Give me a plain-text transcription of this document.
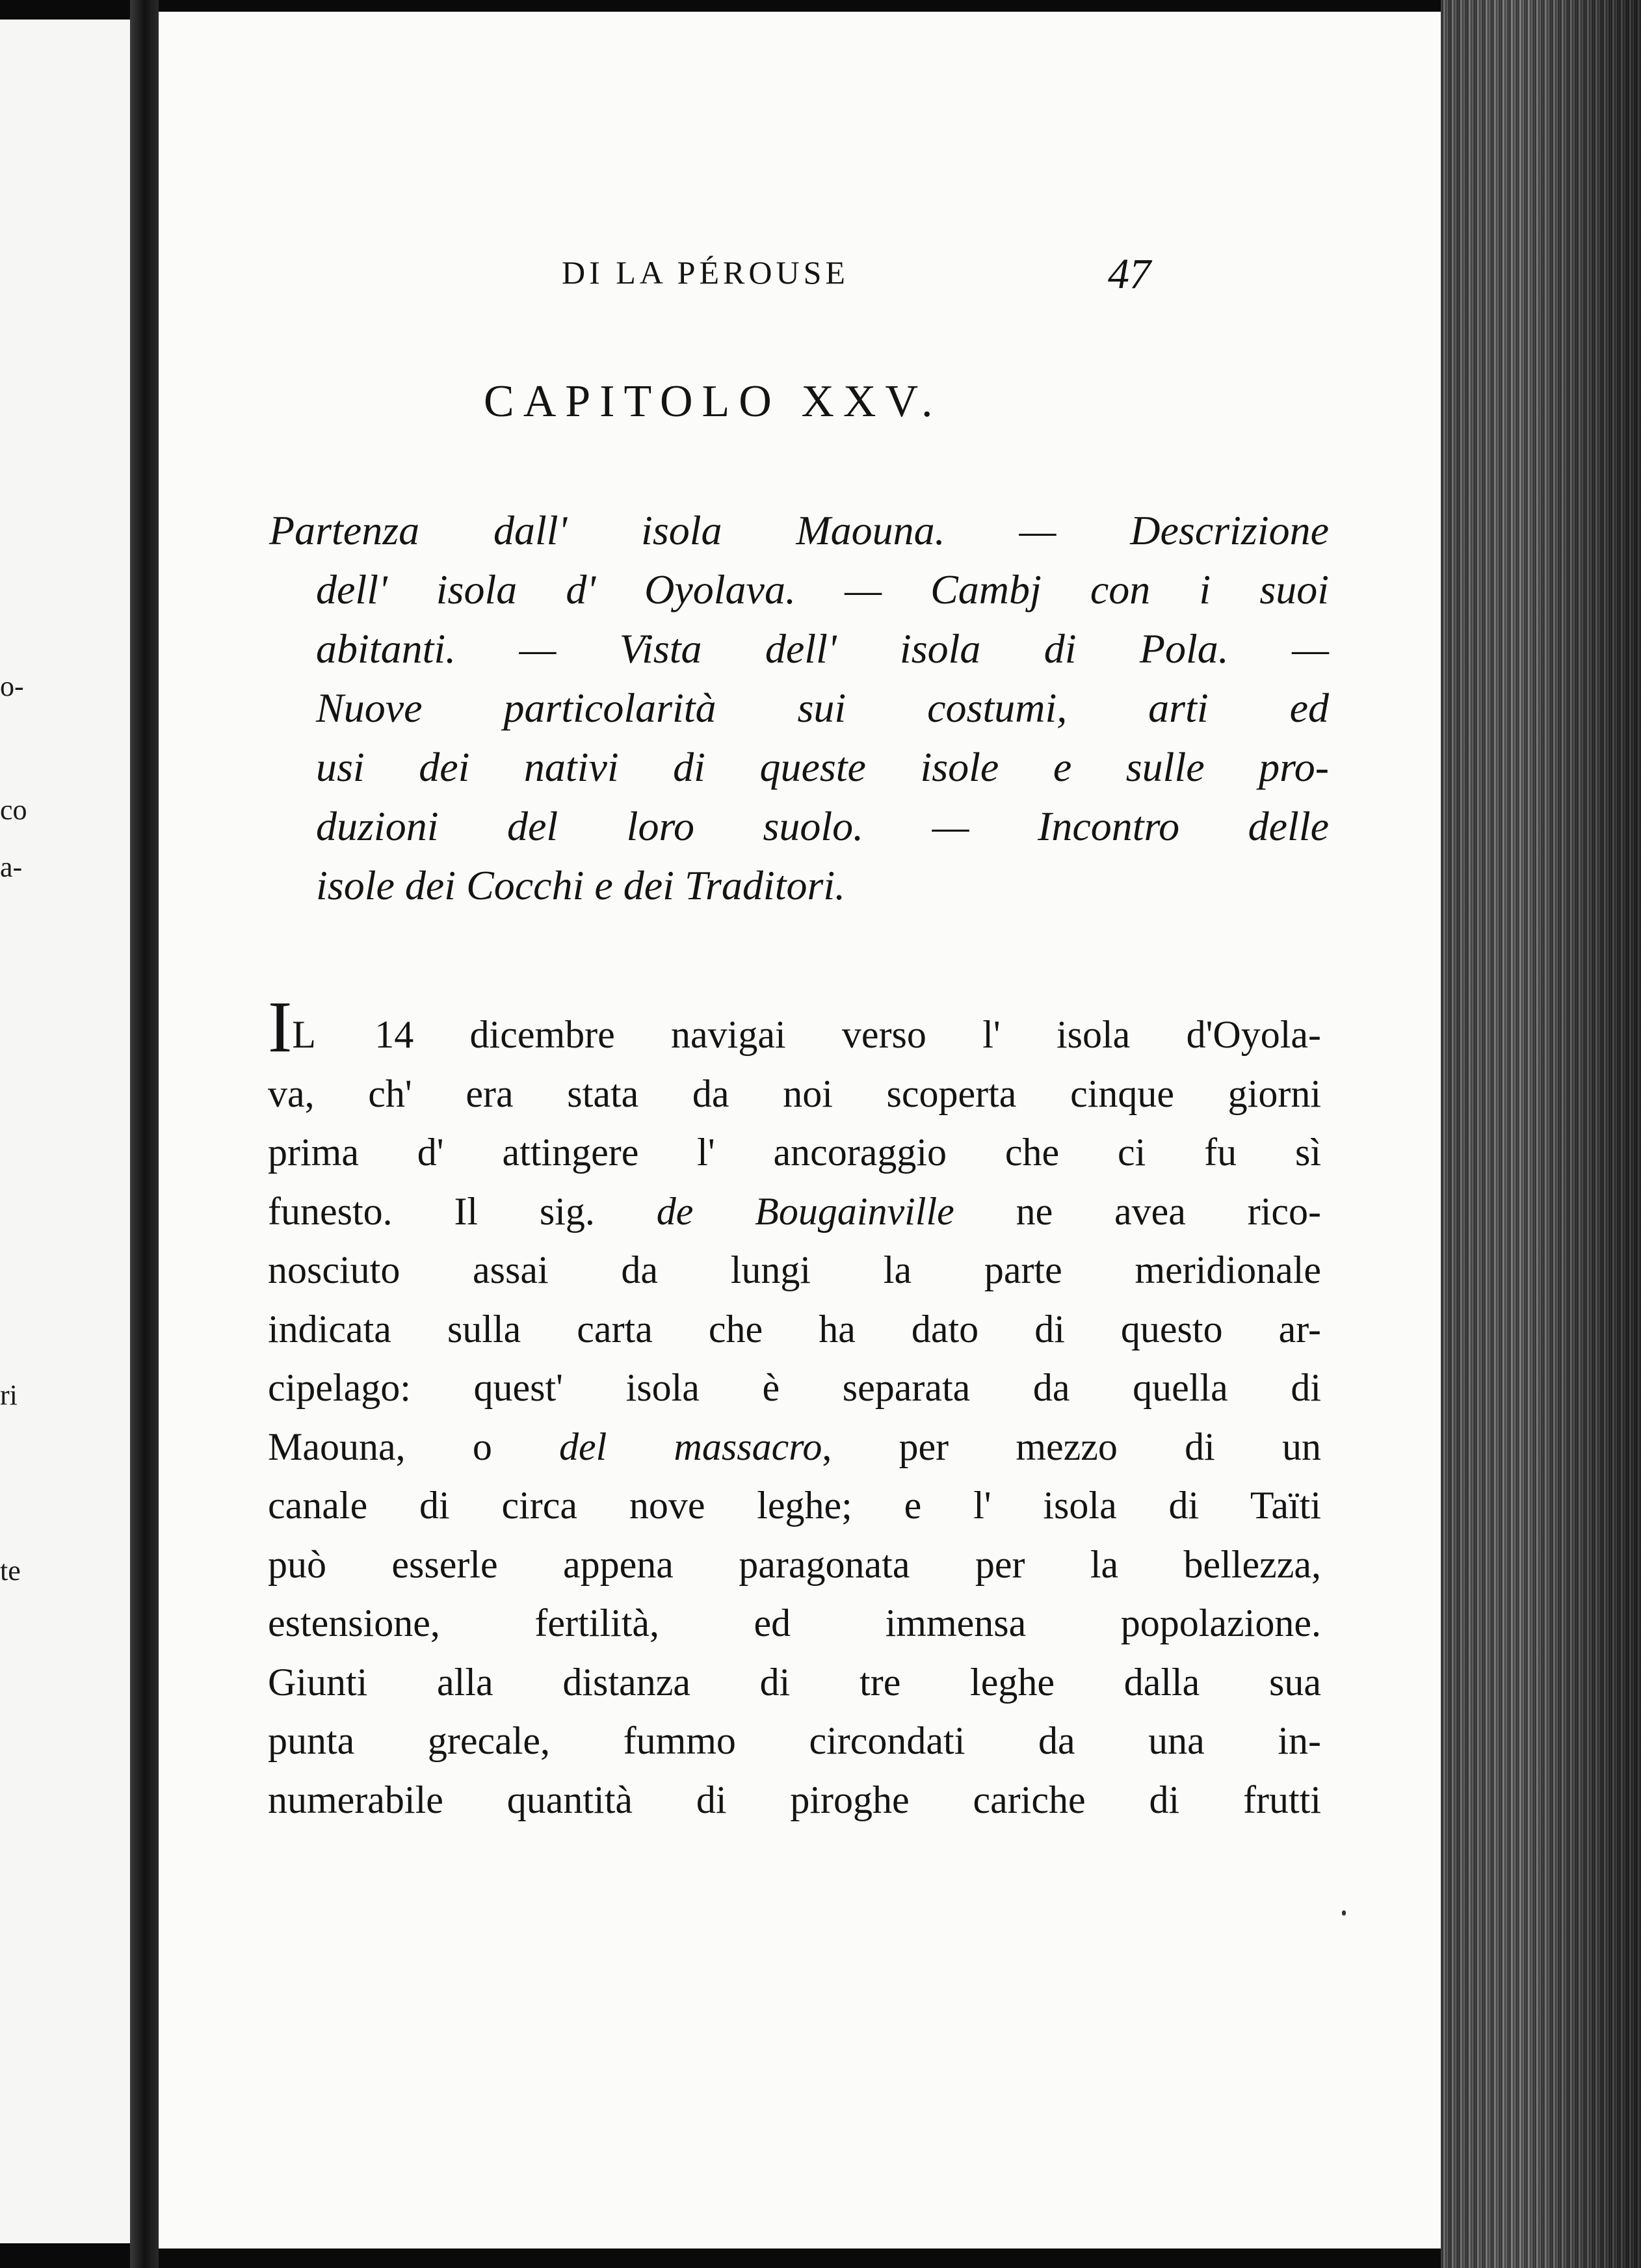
o-
co
a-
ri
te
DI LA PÉROUSE	47
CAPITOLO XXV.
Partenza dall' isola Maouna. — Descrizione
dell' isola d' Oyolava. — Cambj con i suoi
abitanti. — Vista dell' isola di Pola. —
Nuove particolarità sui costumi, arti ed
usi dei nativi di queste isole e sulle pro-
duzioni del loro suolo. — Incontro delle
isole dei Cocchi e dei Traditori.
IL 14 dicembre navigai verso l' isola d'Oyola-
va, ch' era stata da noi scoperta cinque giorni
prima d' attingere l' ancoraggio che ci fu sì
funesto. Il sig. de Bougainville ne avea rico-
nosciuto assai da lungi la parte meridionale
indicata sulla carta che ha dato di questo ar-
cipelago: quest' isola è separata da quella di
Maouna, o del massacro, per mezzo di un
canale di circa nove leghe; e l' isola di Taïti
può esserle appena paragonata per la bellezza,
estensione, fertilità, ed immensa popolazione.
Giunti alla distanza di tre leghe dalla sua
punta grecale, fummo circondati da una in-
numerabile quantità di piroghe cariche di frutti
